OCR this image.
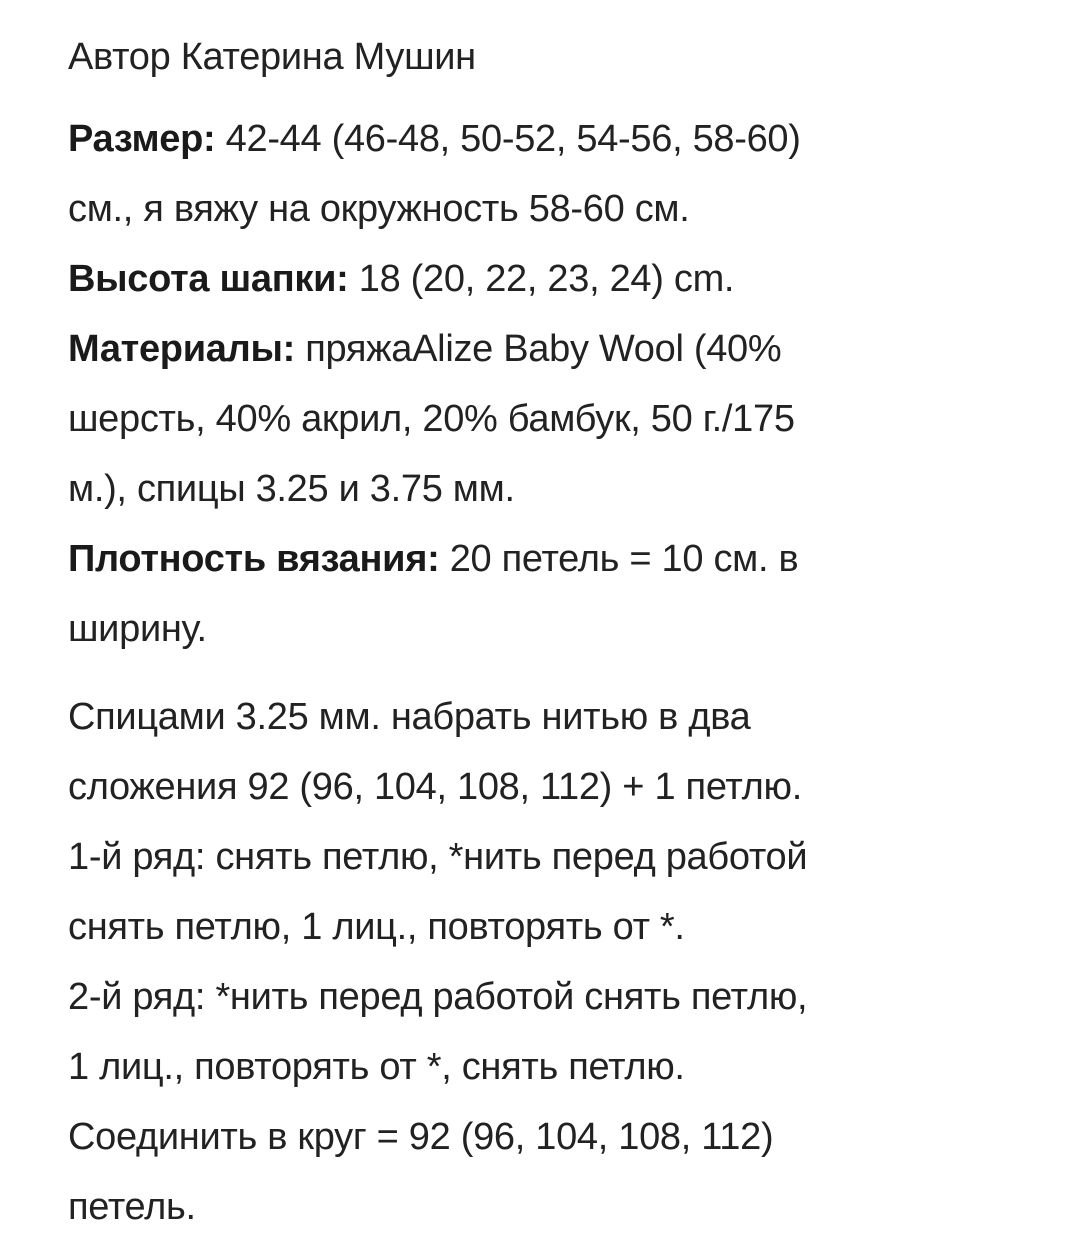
Автор Катерина Мушин
Размер: 42-44 (46-48, 50-52, 54-56, 58-60)
см., я вяжу на окружность 58-60 см.
Высота шапки: 18 (20, 22, 23, 24) cm.
Материалы: пряжаAlize Baby Wool (40%
шерсть, 40% акрил, 20% бамбук, 50 г./175
м.), спицы 3.25 и 3.75 мм.
Плотность вязания: 20 петель = 10 см. в
ширину.
Спицами 3.25 мм. набрать нитью в два
сложения 92 (96, 104, 108, 112) + 1 петлю.
1-й ряд: снять петлю, *нить перед работой
снять петлю, 1 лиц., повторять от *.
2-й ряд: *нить перед работой снять петлю,
1 лиц., повторять от *, снять петлю.
Соединить в круг = 92 (96, 104, 108, 112)
петель.
